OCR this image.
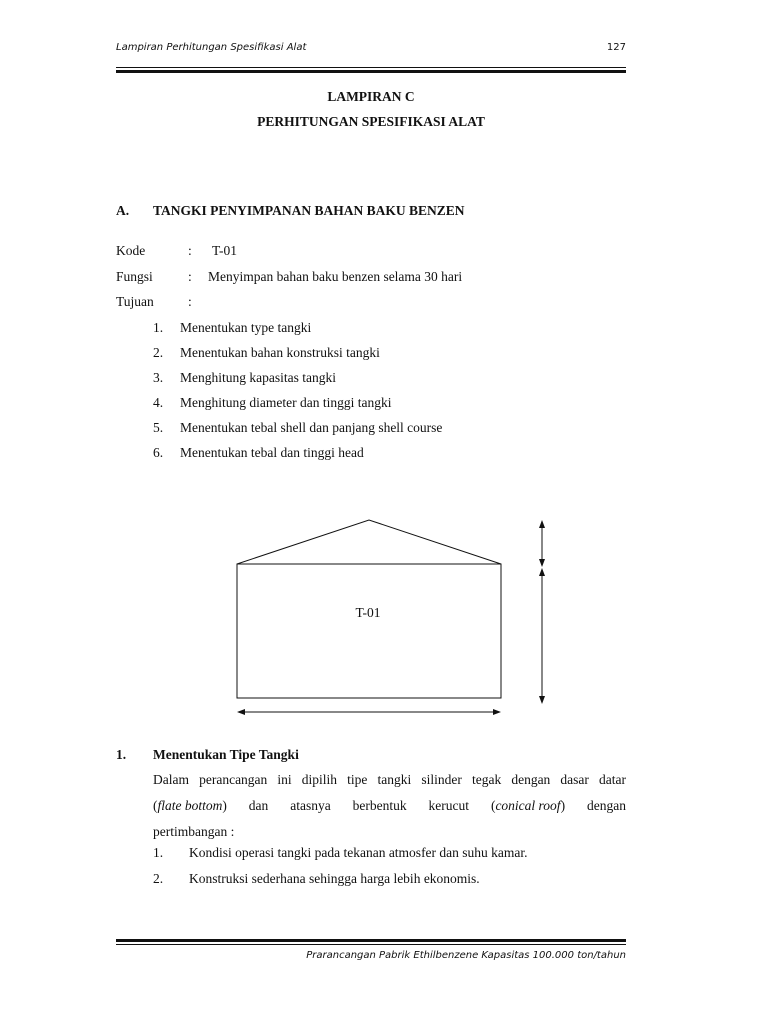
Lampiran Perhitungan Spesifikasi Alat	127
LAMPIRAN C
PERHITUNGAN SPESIFIKASI ALAT
A. TANGKI PENYIMPANAN BAHAN BAKU BENZEN
Kode	: T-01
Fungsi	: Menyimpan bahan baku benzen selama 30 hari
Tujuan	:
1. Menentukan type tangki
2. Menentukan bahan konstruksi tangki
3. Menghitung kapasitas tangki
4. Menghitung diameter dan tinggi tangki
5. Menentukan tebal shell dan panjang shell course
6. Menentukan tebal dan tinggi head
T-01
1. Menentukan Tipe Tangki
Dalam perancangan ini dipilih tipe tangki silinder tegak dengan dasar datar
(flate bottom) dan atasnya berbentuk kerucut (conical roof) dengan
pertimbangan :
1. Kondisi operasi tangki pada tekanan atmosfer dan suhu kamar.
2. Konstruksi sederhana sehingga harga lebih ekonomis.
Prarancangan Pabrik Ethilbenzene Kapasitas 100.000 ton/tahun
